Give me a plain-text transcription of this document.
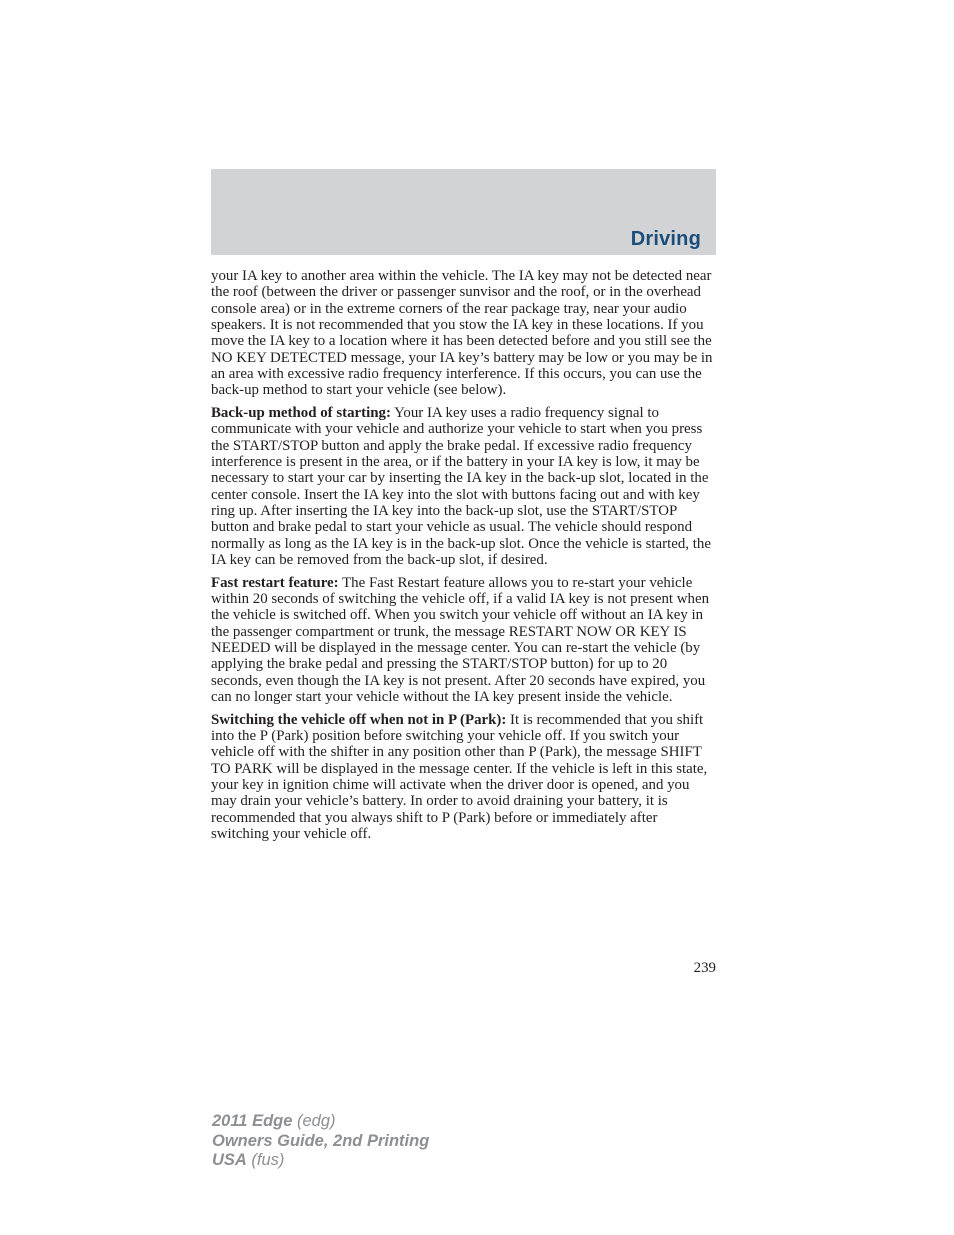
Driving

your IA key to another area within the vehicle. The IA key may not be detected near the roof (between the driver or passenger sunvisor and the roof, or in the overhead console area) or in the extreme corners of the rear package tray, near your audio speakers. It is not recommended that you stow the IA key in these locations. If you move the IA key to a location where it has been detected before and you still see the NO KEY DETECTED message, your IA key’s battery may be low or you may be in an area with excessive radio frequency interference. If this occurs, you can use the back-up method to start your vehicle (see below).

Back-up method of starting: Your IA key uses a radio frequency signal to communicate with your vehicle and authorize your vehicle to start when you press the START/STOP button and apply the brake pedal. If excessive radio frequency interference is present in the area, or if the battery in your IA key is low, it may be necessary to start your car by inserting the IA key in the back-up slot, located in the center console. Insert the IA key into the slot with buttons facing out and with key ring up. After inserting the IA key into the back-up slot, use the START/STOP button and brake pedal to start your vehicle as usual. The vehicle should respond normally as long as the IA key is in the back-up slot. Once the vehicle is started, the IA key can be removed from the back-up slot, if desired.

Fast restart feature: The Fast Restart feature allows you to re-start your vehicle within 20 seconds of switching the vehicle off, if a valid IA key is not present when the vehicle is switched off. When you switch your vehicle off without an IA key in the passenger compartment or trunk, the message RESTART NOW OR KEY IS NEEDED will be displayed in the message center. You can re-start the vehicle (by applying the brake pedal and pressing the START/STOP button) for up to 20 seconds, even though the IA key is not present. After 20 seconds have expired, you can no longer start your vehicle without the IA key present inside the vehicle.

Switching the vehicle off when not in P (Park): It is recommended that you shift into the P (Park) position before switching your vehicle off. If you switch your vehicle off with the shifter in any position other than P (Park), the message SHIFT TO PARK will be displayed in the message center. If the vehicle is left in this state, your key in ignition chime will activate when the driver door is opened, and you may drain your vehicle’s battery. In order to avoid draining your battery, it is recommended that you always shift to P (Park) before or immediately after switching your vehicle off.

239
2011 Edge (edg)
Owners Guide, 2nd Printing
USA (fus)
